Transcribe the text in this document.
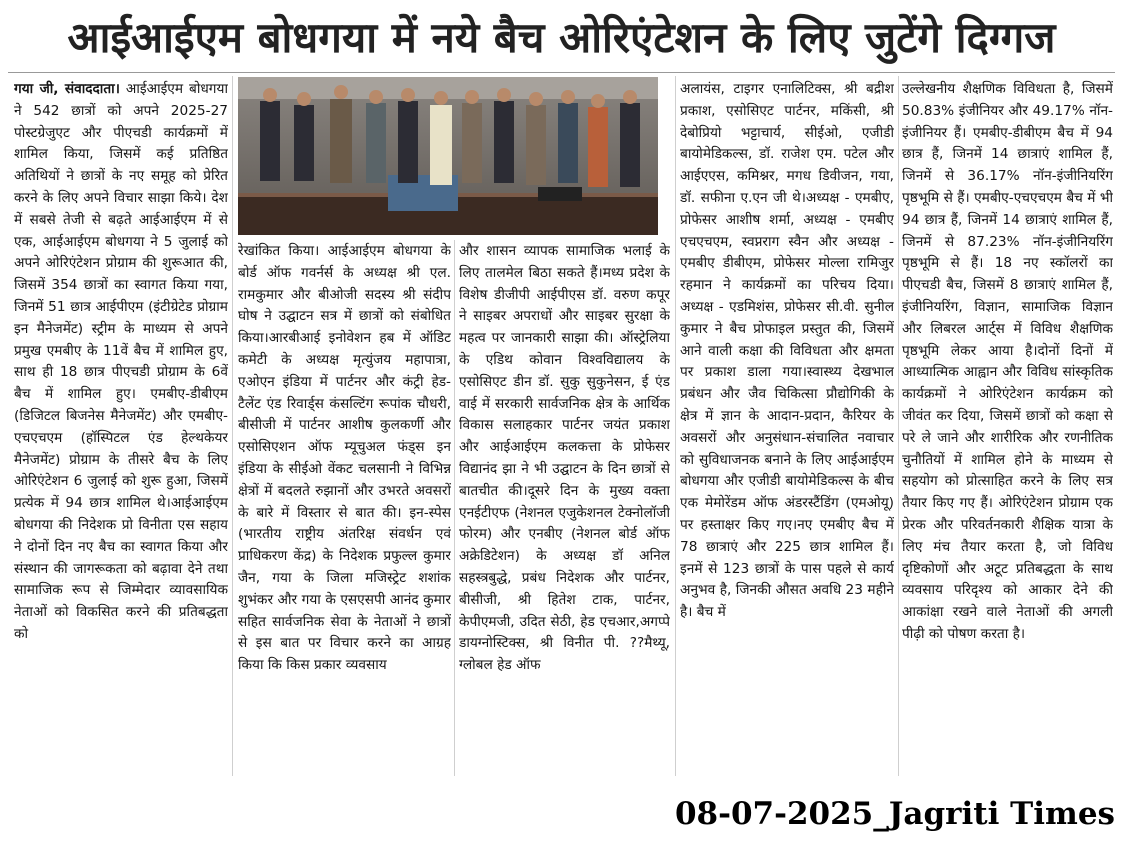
आईआईएम बोधगया में नये बैच ओरिएंटेशन के लिए जुटेंगे दिग्गज

गया जी, संवाददाता। आईआईएम बोधगया ने 542 छात्रों को अपने 2025-27 पोस्टग्रेजुएट और पीएचडी कार्यक्रमों में शामिल किया, जिसमें कई प्रतिष्ठित अतिथियों ने छात्रों के नए समूह को प्रेरित करने के लिए अपने विचार साझा किये। देश में सबसे तेजी से बढ़ते आईआईएम में से एक, आईआईएम बोधगया ने 5 जुलाई को अपने ओरिएंटेशन प्रोग्राम की शुरूआत की, जिसमें 354 छात्रों का स्वागत किया गया, जिनमें 51 छात्र आईपीएम (इंटीग्रेटेड प्रोग्राम इन मैनेजमेंट) स्ट्रीम के माध्यम से अपने प्रमुख एमबीए के 11वें बैच में शामिल हुए, साथ ही 18 छात्र पीएचडी प्रोग्राम के 6वें बैच में शामिल हुए। एमबीए-डीबीएम (डिजिटल बिजनेस मैनेजमेंट) और एमबीए-एचएचएम (हॉस्पिटल एंड हेल्थकेयर मैनेजमेंट) प्रोग्राम के तीसरे बैच के लिए ओरिएंटेशन 6 जुलाई को शुरू हुआ, जिसमें प्रत्येक में 94 छात्र शामिल थे।आईआईएम बोधगया की निदेशक प्रो विनीता एस सहाय ने दोनों दिन नए बैच का स्वागत किया और संस्थान की जागरूकता को बढ़ावा देने तथा सामाजिक रूप से जिम्मेदार व्यावसायिक नेताओं को विकसित करने की प्रतिबद्धता को

रेखांकित किया। आईआईएम बोधगया के बोर्ड ऑफ गवर्नर्स के अध्यक्ष श्री एल. रामकुमार और बीओजी सदस्य श्री संदीप घोष ने उद्घाटन सत्र में छात्रों को संबोधित किया।आरबीआई इनोवेशन हब में ऑडिट कमेटी के अध्यक्ष मृत्युंजय महापात्रा, एओएन इंडिया में पार्टनर और कंट्री हेड-टैलेंट एंड रिवार्ड्स कंसल्टिंग रूपांक चौधरी, बीसीजी में पार्टनर आशीष कुलकर्णी और एसोसिएशन ऑफ म्यूचुअल फंड्स इन इंडिया के सीईओ वेंकट चलसानी ने विभिन्न क्षेत्रों में बदलते रुझानों और उभरते अवसरों के बारे में विस्तार से बात की। इन-स्पेस (भारतीय राष्ट्रीय अंतरिक्ष संवर्धन एवं प्राधिकरण केंद्र) के निदेशक प्रफुल्ल कुमार जैन, गया के जिला मजिस्ट्रेट शशांक शुभंकर और गया के एसएसपी आनंद कुमार सहित सार्वजनिक सेवा के नेताओं ने छात्रों से इस बात पर विचार करने का आग्रह किया कि किस प्रकार व्यवसाय

और शासन व्यापक सामाजिक भलाई के लिए तालमेल बिठा सकते हैं।मध्य प्रदेश के विशेष डीजीपी आईपीएस डॉ. वरुण कपूर ने साइबर अपराधों और साइबर सुरक्षा के महत्व पर जानकारी साझा की। ऑस्ट्रेलिया के एडिथ कोवान विश्वविद्यालय के एसोसिएट डीन डॉ. सुकु सुकुनेसन, ई एंड वाई में सरकारी सार्वजनिक क्षेत्र के आर्थिक विकास सलाहकार पार्टनर जयंत प्रकाश और आईआईएम कलकत्ता के प्रोफेसर विद्यानंद झा ने भी उद्घाटन के दिन छात्रों से बातचीत की।दूसरे दिन के मुख्य वक्ता एनईटीएफ (नेशनल एजुकेशनल टेक्नोलॉजी फोरम) और एनबीए (नेशनल बोर्ड ऑफ अक्रेडिटेशन) के अध्यक्ष डॉ अनिल सहस्त्रबुद्धे, प्रबंध निदेशक और पार्टनर, बीसीजी, श्री हितेश टाक, पार्टनर, केपीएमजी, उदित सेठी, हेड एचआर,अगप्पे डायग्नोस्टिक्स, श्री विनीत पी. ??मैथ्यू, ग्लोबल हेड ऑफ

अलायंस, टाइगर एनालिटिक्स, श्री बद्रीश प्रकाश, एसोसिएट पार्टनर, मकिंसी, श्री देबोप्रियो भट्टाचार्य, सीईओ, एजीडी बायोमेडिकल्स, डॉ. राजेश एम. पटेल और आईएएस, कमिश्नर, मगध डिवीजन, गया, डॉ. सफीना ए.एन जी थे।अध्यक्ष - एमबीए, प्रोफेसर आशीष शर्मा, अध्यक्ष - एमबीए एचएचएम, स्वप्नराग स्वैन और अध्यक्ष - एमबीए डीबीएम, प्रोफेसर मोल्ला रामिजुर रहमान ने कार्यक्रमों का परिचय दिया। अध्यक्ष - एडमिशंस, प्रोफेसर सी.वी. सुनील कुमार ने बैच प्रोफाइल प्रस्तुत की, जिसमें आने वाली कक्षा की विविधता और क्षमता पर प्रकाश डाला गया।स्वास्थ्य देखभाल प्रबंधन और जैव चिकित्सा प्रौद्योगिकी के क्षेत्र में ज्ञान के आदान-प्रदान, कैरियर के अवसरों और अनुसंधान-संचालित नवाचार को सुविधाजनक बनाने के लिए आईआईएम बोधगया और एजीडी बायोमेडिकल्स के बीच एक मेमोरेंडम ऑफ अंडरस्टैंडिंग (एमओयू) पर हस्ताक्षर किए गए।नए एमबीए बैच में 78 छात्राएं और 225 छात्र शामिल हैं। इनमें से 123 छात्रों के पास पहले से कार्य अनुभव है, जिनकी औसत अवधि 23 महीने है। बैच में

उल्लेखनीय शैक्षणिक विविधता है, जिसमें 50.83% इंजीनियर और 49.17% नॉन-इंजीनियर हैं। एमबीए-डीबीएम बैच में 94 छात्र हैं, जिनमें 14 छात्राएं शामिल हैं, जिनमें से 36.17% नॉन-इंजीनियरिंग पृष्ठभूमि से हैं। एमबीए-एचएचएम बैच में भी 94 छात्र हैं, जिनमें 14 छात्राएं शामिल हैं, जिनमें से 87.23% नॉन-इंजीनियरिंग पृष्ठभूमि से हैं। 18 नए स्कॉलरों का पीएचडी बैच, जिसमें 8 छात्राएं शामिल हैं, इंजीनियरिंग, विज्ञान, सामाजिक विज्ञान और लिबरल आर्ट्स में विविध शैक्षणिक पृष्ठभूमि लेकर आया है।दोनों दिनों में आध्यात्मिक आह्वान और विविध सांस्कृतिक कार्यक्रमों ने ओरिएंटेशन कार्यक्रम को जीवंत कर दिया, जिसमें छात्रों को कक्षा से परे ले जाने और शारीरिक और रणनीतिक चुनौतियों में शामिल होने के माध्यम से सहयोग को प्रोत्साहित करने के लिए सत्र तैयार किए गए हैं। ओरिएंटेशन प्रोग्राम एक प्रेरक और परिवर्तनकारी शैक्षिक यात्रा के लिए मंच तैयार करता है, जो विविध दृष्टिकोणों और अटूट प्रतिबद्धता के साथ व्यवसाय परिदृश्य को आकार देने की आकांक्षा रखने वाले नेताओं की अगली पीढ़ी को पोषण करता है।

08-07-2025_Jagriti Times
